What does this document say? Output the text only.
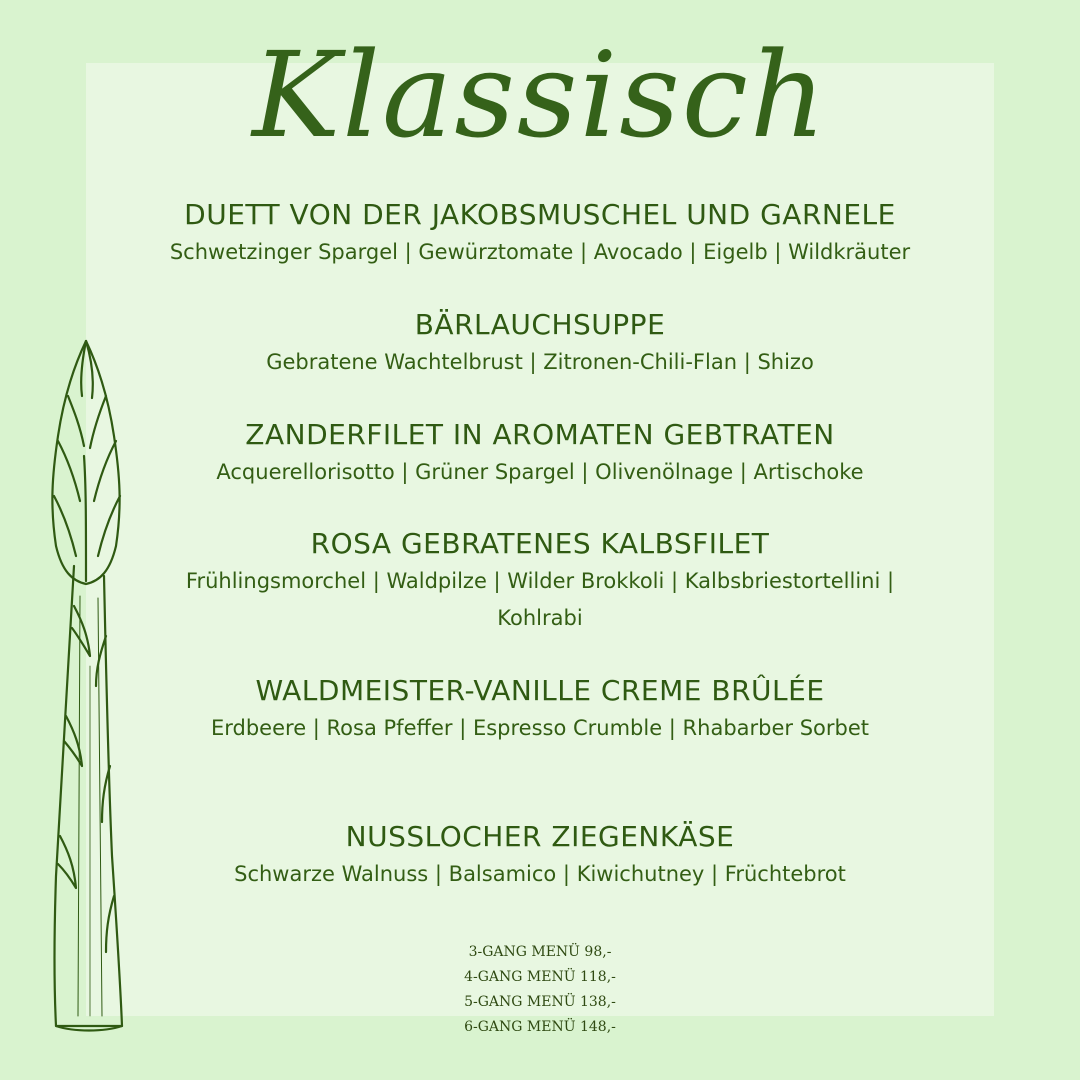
Klassisch
DUETT VON DER JAKOBSMUSCHEL UND GARNELE
Schwetzinger Spargel | Gewürztomate | Avocado | Eigelb | Wildkräuter
BÄRLAUCHSUPPE
Gebratene Wachtelbrust | Zitronen-Chili-Flan | Shizo
ZANDERFILET IN AROMATEN GEBTRATEN
Acquerellorisotto | Grüner Spargel | Olivenölnage | Artischoke
ROSA GEBRATENES KALBSFILET
Frühlingsmorchel | Waldpilze | Wilder Brokkoli | Kalbsbriestortellini | Kohlrabi
WALDMEISTER-VANILLE CREME BRÛLÉE
Erdbeere | Rosa Pfeffer | Espresso Crumble | Rhabarber Sorbet
NUSSLOCHER ZIEGENKÄSE
Schwarze Walnuss | Balsamico | Kiwichutney | Früchtebrot
3-GANG MENÜ 98,-
4-GANG MENÜ 118,-
5-GANG MENÜ 138,-
6-GANG MENÜ 148,-
